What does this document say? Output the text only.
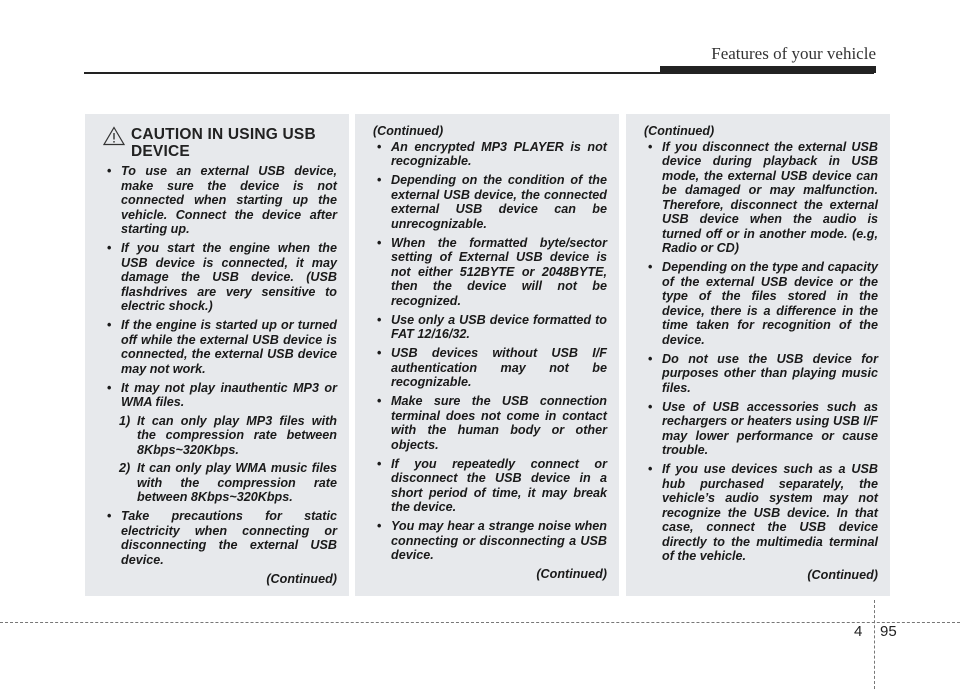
Features of your vehicle
CAUTION IN USING USB DEVICE
• To use an external USB device, make sure the device is not connected when starting up the vehicle. Connect the device after starting up.
• If you start the engine when the USB device is connected, it may damage the USB device. (USB flashdrives are very sensitive to electric shock.)
• If the engine is started up or turned off while the external USB device is connected, the external USB device may not work.
• It may not play inauthentic MP3 or WMA files.
1) It can only play MP3 files with the compression rate between 8Kbps~320Kbps.
2) It can only play WMA music files with the compression rate between 8Kbps~320Kbps.
• Take precautions for static electricity when connecting or disconnecting the external USB device.
(Continued)
(Continued)
• An encrypted MP3 PLAYER is not recognizable.
• Depending on the condition of the external USB device, the connected external USB device can be unrecognizable.
• When the formatted byte/sector setting of External USB device is not either 512BYTE or 2048BYTE, then the device will not be recognized.
• Use only a USB device formatted to FAT 12/16/32.
• USB devices without USB I/F authentication may not be recognizable.
• Make sure the USB connection terminal does not come in contact with the human body or other objects.
• If you repeatedly connect or disconnect the USB device in a short period of time, it may break the device.
• You may hear a strange noise when connecting or disconnecting a USB device.
(Continued)
(Continued)
• If you disconnect the external USB device during playback in USB mode, the external USB device can be damaged or may malfunction. Therefore, disconnect the external USB device when the audio is turned off or in another mode. (e.g, Radio or CD)
• Depending on the type and capacity of the external USB device or the type of the files stored in the device, there is a difference in the time taken for recognition of the device.
• Do not use the USB device for purposes other than playing music files.
• Use of USB accessories such as rechargers or heaters using USB I/F may lower performance or cause trouble.
• If you use devices such as a USB hub purchased separately, the vehicle’s audio system may not recognize the USB device. In that case, connect the USB device directly to the multimedia terminal of the vehicle.
(Continued)
4 95
